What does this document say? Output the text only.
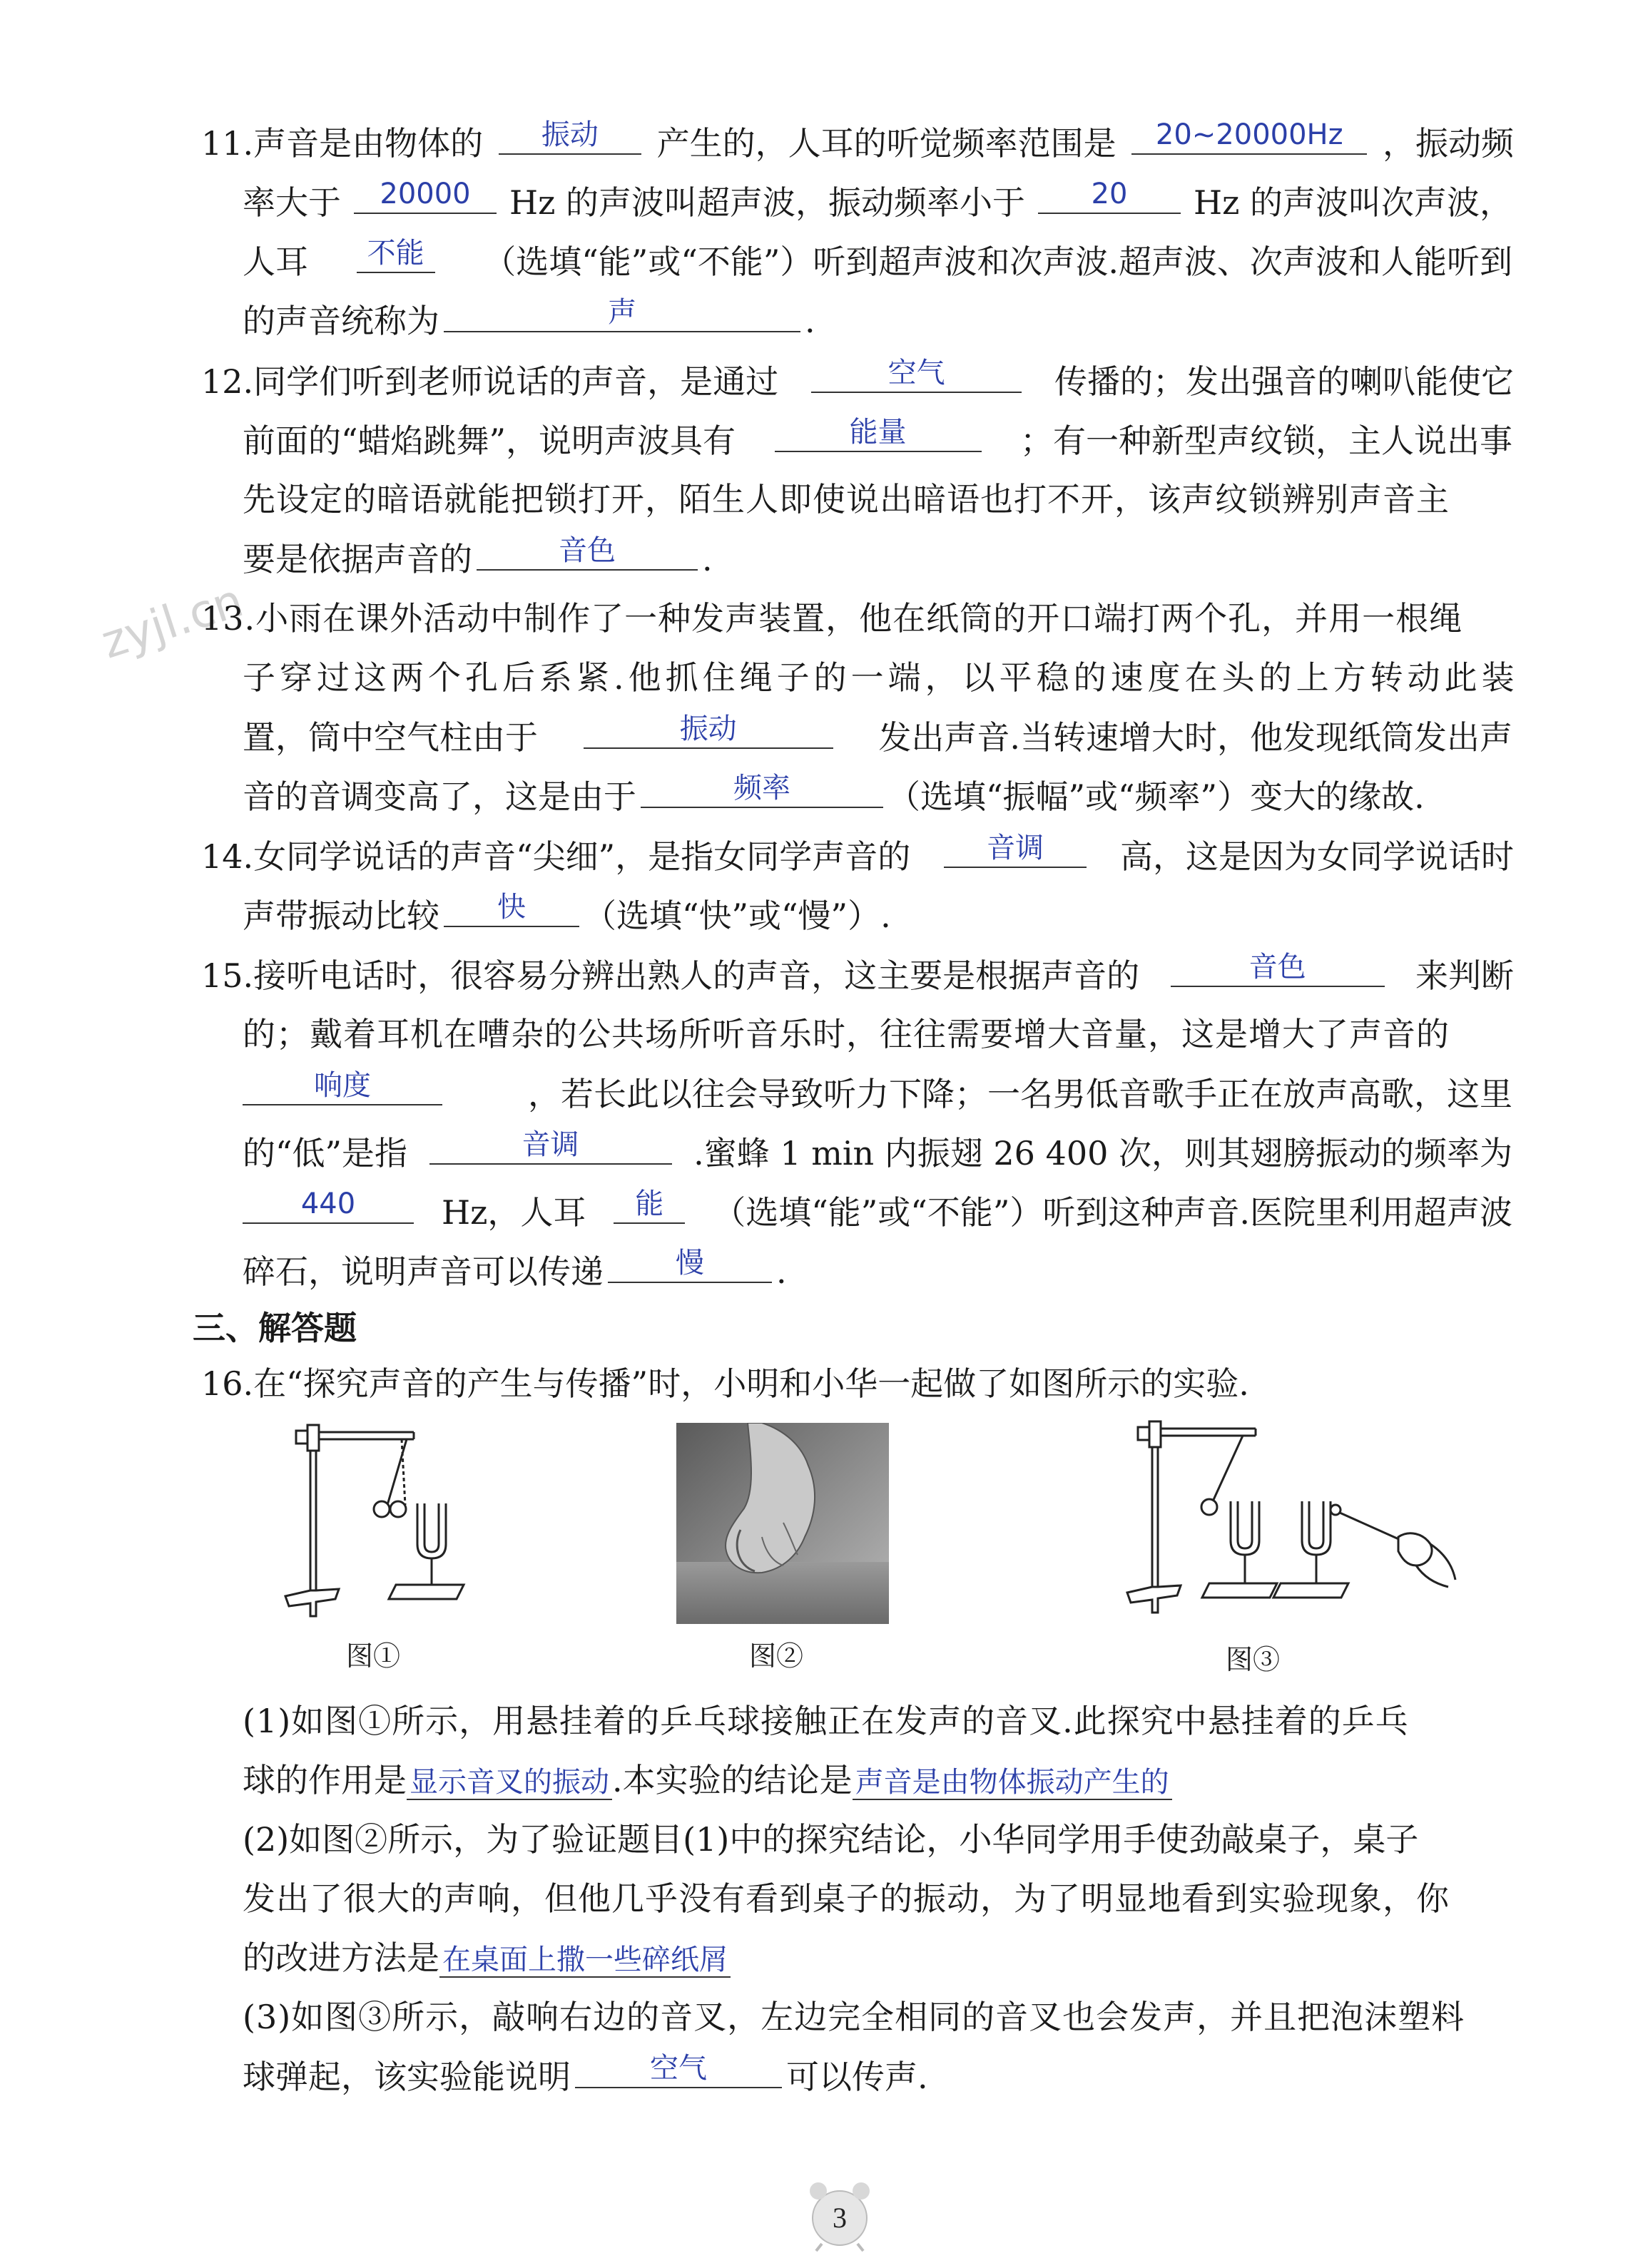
zyjl.cn
11.声音是由物体的	振动	产生的，人耳的听觉频率范围是	20~20000Hz	，振动频
率大于	20000	Hz 的声波叫超声波，振动频率小于	20	Hz 的声波叫次声波，
人耳	不能	（选填“能”或“不能”）听到超声波和次声波.超声波、次声波和人能听到
的声音统称为	声	.
12.同学们听到老师说话的声音，是通过	空气	传播的；发出强音的喇叭能使它
前面的“蜡焰跳舞”，说明声波具有	能量	；有一种新型声纹锁，主人说出事
先设定的暗语就能把锁打开，陌生人即使说出暗语也打不开，该声纹锁辨别声音主
要是依据声音的	音色	.
13.小雨在课外活动中制作了一种发声装置，他在纸筒的开口端打两个孔，并用一根绳
子穿过这两个孔后系紧.他抓住绳子的一端，以平稳的速度在头的上方转动此装
置，筒中空气柱由于	振动	发出声音.当转速增大时，他发现纸筒发出声
音的音调变高了，这是由于	频率	（选填“振幅”或“频率”）变大的缘故.
14.女同学说话的声音“尖细”，是指女同学声音的	音调	高，这是因为女同学说话时
声带振动比较	快	（选填“快”或“慢”）.
15.接听电话时，很容易分辨出熟人的声音，这主要是根据声音的	音色	来判断
的；戴着耳机在嘈杂的公共场所听音乐时，往往需要增大音量，这是增大了声音的
响度	，若长此以往会导致听力下降；一名男低音歌手正在放声高歌，这里
的“低”是指	音调	.蜜蜂 1 min 内振翅 26 400 次，则其翅膀振动的频率为
440	Hz，人耳	能	（选填“能”或“不能”）听到这种声音.医院里利用超声波
碎石，说明声音可以传递	慢	.
三、解答题
16.在“探究声音的产生与传播”时，小明和小华一起做了如图所示的实验.
图①	图②	图③
(1)如图①所示，用悬挂着的乒乓球接触正在发声的音叉.此探究中悬挂着的乒乓
球的作用是 显示音叉的振动.本实验的结论是 声音是由物体振动产生的
(2)如图②所示，为了验证题目(1)中的探究结论，小华同学用手使劲敲桌子，桌子
发出了很大的声响，但他几乎没有看到桌子的振动，为了明显地看到实验现象，你
的改进方法是 在桌面上撒一些碎纸屑
(3)如图③所示，敲响右边的音叉，左边完全相同的音叉也会发声，并且把泡沫塑料
球弹起，该实验能说明	空气	可以传声.
3
